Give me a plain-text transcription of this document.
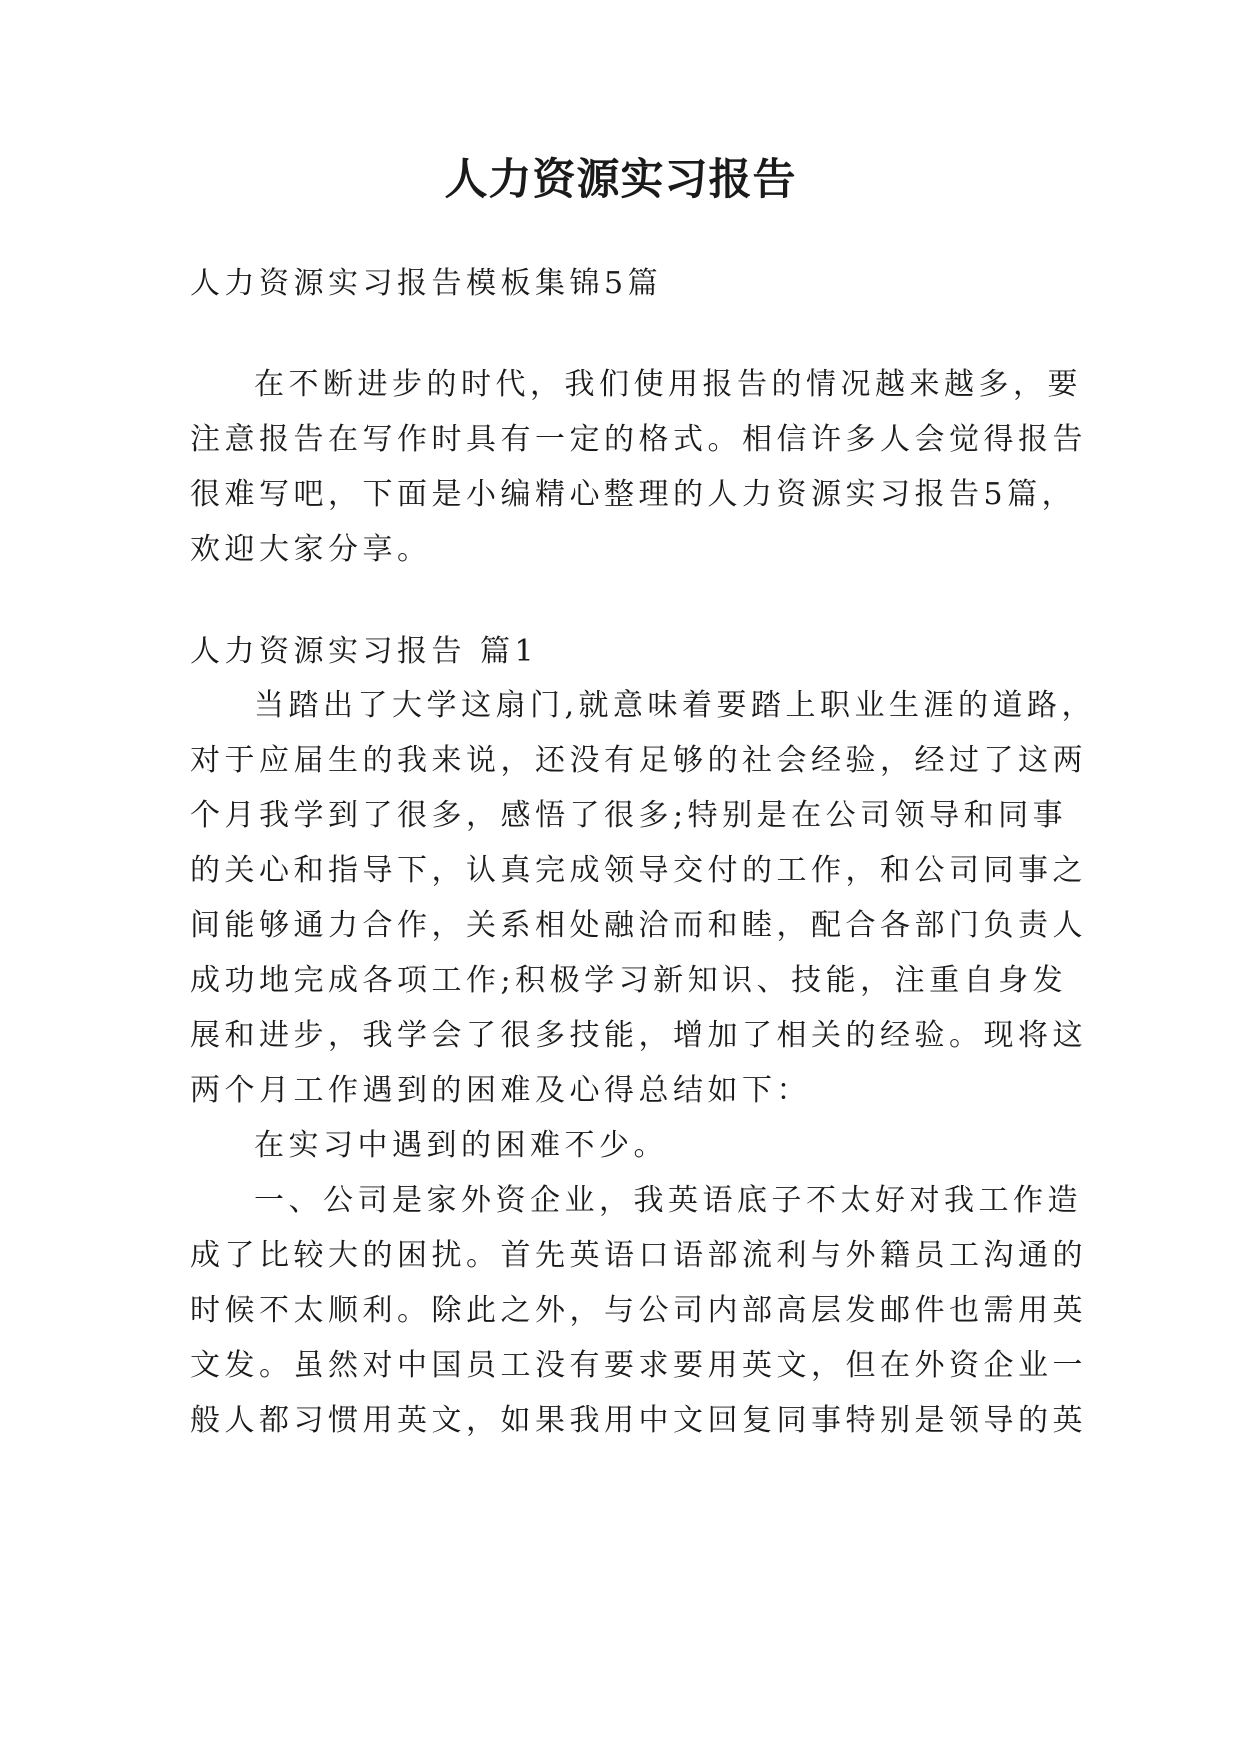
人力资源实习报告

人力资源实习报告模板集锦5篇

在不断进步的时代，我们使用报告的情况越来越多，要

注意报告在写作时具有一定的格式。相信许多人会觉得报告

很难写吧，下面是小编精心整理的人力资源实习报告5篇，

欢迎大家分享。

人力资源实习报告 篇1

当踏出了大学这扇门,就意味着要踏上职业生涯的道路，

对于应届生的我来说，还没有足够的社会经验，经过了这两

个月我学到了很多，感悟了很多;特别是在公司领导和同事

的关心和指导下，认真完成领导交付的工作，和公司同事之

间能够通力合作，关系相处融洽而和睦，配合各部门负责人

成功地完成各项工作;积极学习新知识、技能，注重自身发

展和进步，我学会了很多技能，增加了相关的经验。现将这

两个月工作遇到的困难及心得总结如下：

在实习中遇到的困难不少。

一、公司是家外资企业，我英语底子不太好对我工作造

成了比较大的困扰。首先英语口语部流利与外籍员工沟通的

时候不太顺利。除此之外，与公司内部高层发邮件也需用英

文发。虽然对中国员工没有要求要用英文，但在外资企业一

般人都习惯用英文，如果我用中文回复同事特别是领导的英
